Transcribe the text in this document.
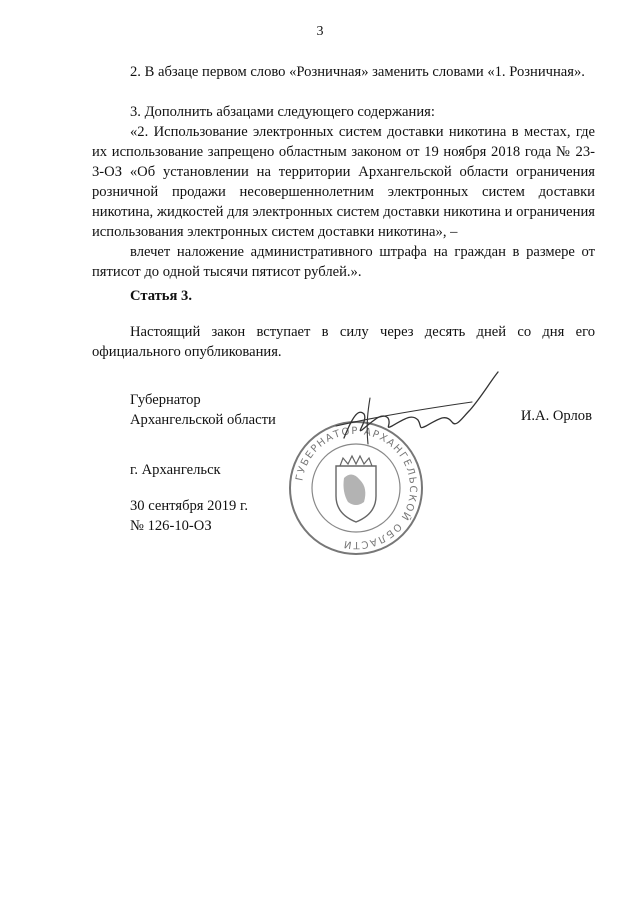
3

2. В абзаце первом слово «Розничная» заменить словами «1. Розничная».

3. Дополнить абзацами следующего содержания:

«2. Использование электронных систем доставки никотина в местах, где их использование запрещено областным законом от 19 ноября 2018 года № 23-3-ОЗ «Об установлении на территории Архангельской области ограничения розничной продажи несовершеннолетним электронных систем доставки никотина, жидкостей для электронных систем доставки никотина и ограничения использования электронных систем доставки никотина», –

влечет наложение административного штрафа на граждан в размере от пятисот до одной тысячи пятисот рублей.».

Статья 3.

Настоящий закон вступает в силу через десять дней со дня его официального опубликования.

Губернатор
Архангельской области	И.А. Орлов
г. Архангельск
30 сентября 2019 г.
№ 126-10-ОЗ
ГУБЕРНАТОР АРХАНГЕЛЬСКОЙ ОБЛАСТИ
